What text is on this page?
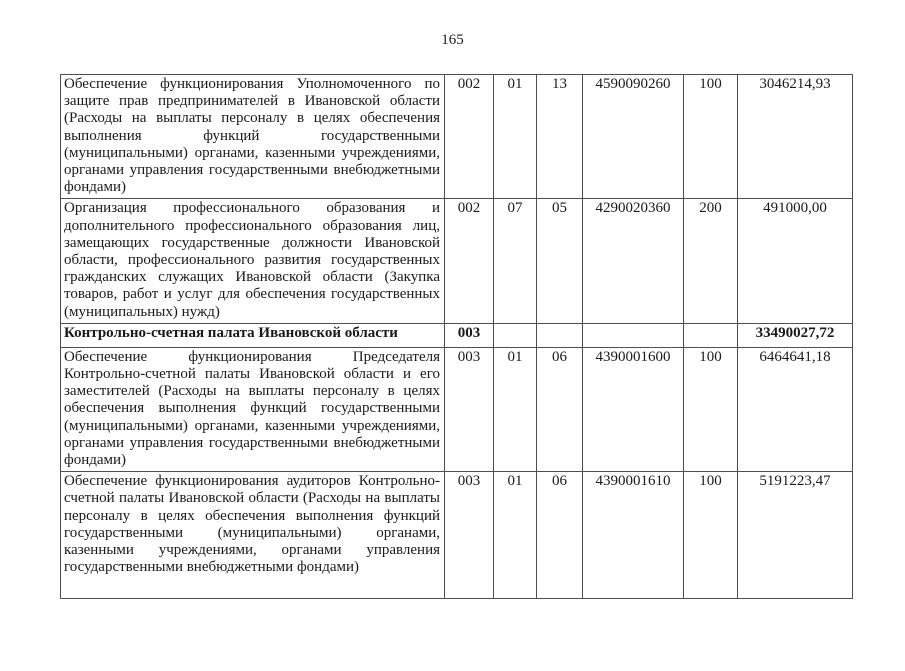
165
Обеспечение функционирования Уполномоченного по защите прав предпринимателей в Ивановской области (Расходы на выплаты персоналу в целях обеспечения выполнения функций государственными (муниципальными) органами, казенными учреждениями, органами управления государственными внебюджетными фондами)	002	01	13	4590090260	100	3046214,93
Организация профессионального образования и дополнительного профессионального образования лиц, замещающих государственные должности Ивановской области, профессионального развития государственных гражданских служащих Ивановской области (Закупка товаров, работ и услуг для обеспечения государственных (муниципальных) нужд)	002	07	05	4290020360	200	491000,00
Контрольно-счетная палата Ивановской области	003					33490027,72
Обеспечение функционирования Председателя Контрольно-счетной палаты Ивановской области и его заместителей (Расходы на выплаты персоналу в целях обеспечения выполнения функций государственными (муниципальными) органами, казенными учреждениями, органами управления государственными внебюджетными фондами)	003	01	06	4390001600	100	6464641,18
Обеспечение функционирования аудиторов Контрольно-счетной палаты Ивановской области (Расходы на выплаты персоналу в целях обеспечения выполнения функций государственными (муниципальными) органами, казенными учреждениями, органами управления государственными внебюджетными фондами)	003	01	06	4390001610	100	5191223,47
